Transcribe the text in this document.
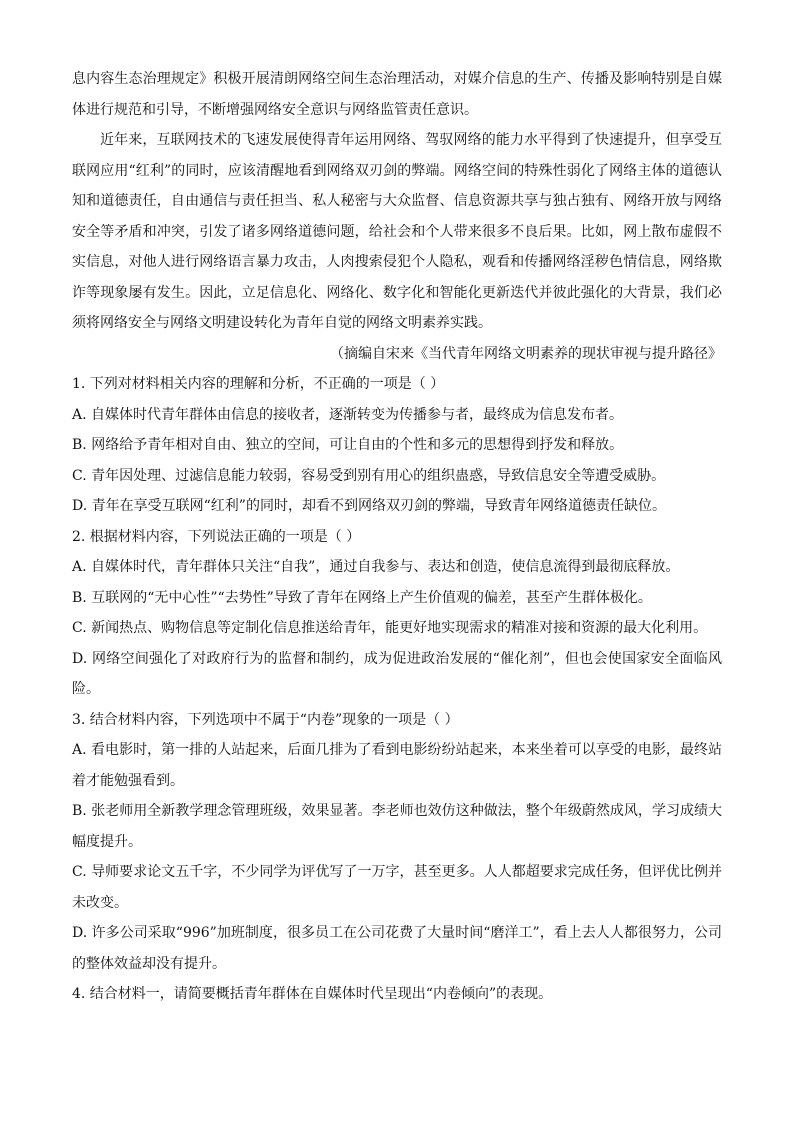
息内容生态治理规定》积极开展清朗网络空间生态治理活动，对媒介信息的生产、传播及影响特别是自媒体进行规范和引导，不断增强网络安全意识与网络监管责任意识。

近年来，互联网技术的飞速发展使得青年运用网络、驾驭网络的能力水平得到了快速提升，但享受互联网应用“红利”的同时，应该清醒地看到网络双刃剑的弊端。网络空间的特殊性弱化了网络主体的道德认知和道德责任，自由通信与责任担当、私人秘密与大众监督、信息资源共享与独占独有、网络开放与网络安全等矛盾和冲突，引发了诸多网络道德问题，给社会和个人带来很多不良后果。比如，网上散布虚假不实信息，对他人进行网络语言暴力攻击，人肉搜索侵犯个人隐私，观看和传播网络淫秽色情信息，网络欺诈等现象屡有发生。因此，立足信息化、网络化、数字化和智能化更新迭代并彼此强化的大背景，我们必须将网络安全与网络文明建设转化为青年自觉的网络文明素养实践。

（摘编自宋来《当代青年网络文明素养的现状审视与提升路径》

1. 下列对材料相关内容的理解和分析，不正确的一项是（ ）

A. 自媒体时代青年群体由信息的接收者，逐渐转变为传播参与者，最终成为信息发布者。

B. 网络给予青年相对自由、独立的空间，可让自由的个性和多元的思想得到抒发和释放。

C. 青年因处理、过滤信息能力较弱，容易受到别有用心的组织蛊惑，导致信息安全等遭受威胁。

D. 青年在享受互联网“红利”的同时，却看不到网络双刃剑的弊端，导致青年网络道德责任缺位。

2. 根据材料内容，下列说法正确的一项是（ ）

A. 自媒体时代，青年群体只关注“自我”，通过自我参与、表达和创造，使信息流得到最彻底释放。

B. 互联网的“无中心性”“去势性”导致了青年在网络上产生价值观的偏差，甚至产生群体极化。

C. 新闻热点、购物信息等定制化信息推送给青年，能更好地实现需求的精准对接和资源的最大化利用。

D. 网络空间强化了对政府行为的监督和制约，成为促进政治发展的“催化剂”，但也会使国家安全面临风险。

3. 结合材料内容，下列选项中不属于“内卷”现象的一项是（ ）

A. 看电影时，第一排的人站起来，后面几排为了看到电影纷纷站起来，本来坐着可以享受的电影，最终站着才能勉强看到。

B. 张老师用全新教学理念管理班级，效果显著。李老师也效仿这种做法，整个年级蔚然成风，学习成绩大幅度提升。

C. 导师要求论文五千字，不少同学为评优写了一万字，甚至更多。人人都超要求完成任务，但评优比例并未改变。

D. 许多公司采取“996”加班制度，很多员工在公司花费了大量时间“磨洋工”，看上去人人都很努力，公司的整体效益却没有提升。

4. 结合材料一，请简要概括青年群体在自媒体时代呈现出“内卷倾向”的表现。
